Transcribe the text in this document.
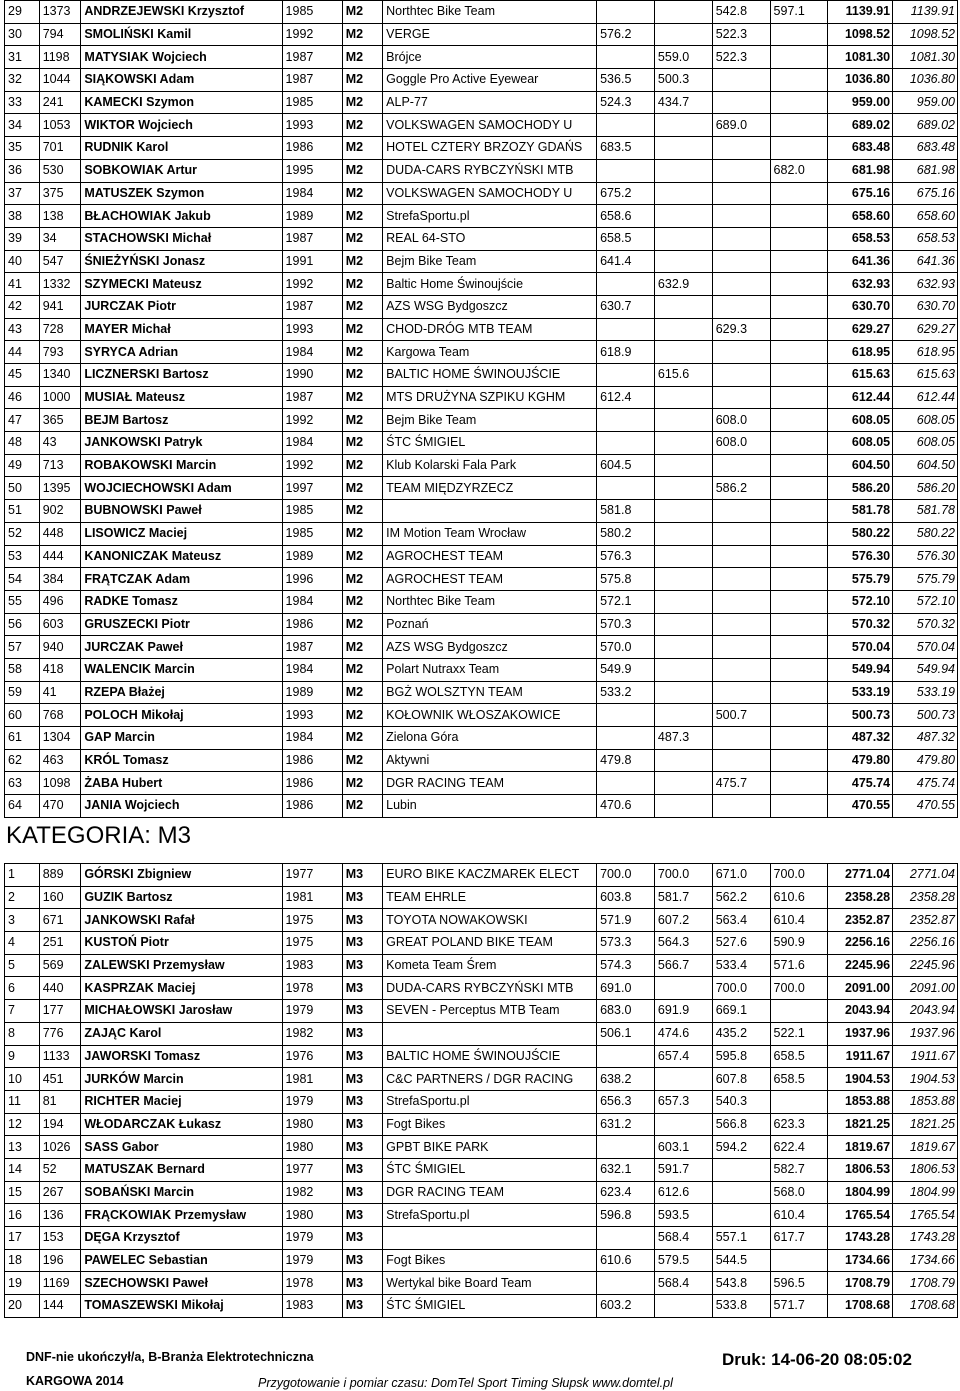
29	1373	ANDRZEJEWSKI Krzysztof	1985	M2	Northtec Bike Team			542.8	597.1	1139.91	1139.91
30	794	SMOLIŃSKI Kamil	1992	M2	VERGE	576.2		522.3		1098.52	1098.52
31	1198	MATYSIAK Wojciech	1987	M2	Brójce		559.0	522.3		1081.30	1081.30
32	1044	SIĄKOWSKI Adam	1987	M2	Goggle Pro Active Eyewear	536.5	500.3			1036.80	1036.80
33	241	KAMECKI Szymon	1985	M2	ALP-77	524.3	434.7			959.00	959.00
34	1053	WIKTOR Wojciech	1993	M2	VOLKSWAGEN SAMOCHODY U			689.0		689.02	689.02
35	701	RUDNIK Karol	1986	M2	HOTEL CZTERY BRZOZY GDAŃS	683.5				683.48	683.48
36	530	SOBKOWIAK Artur	1995	M2	DUDA-CARS RYBCZYŃSKI MTB				682.0	681.98	681.98
37	375	MATUSZEK Szymon	1984	M2	VOLKSWAGEN SAMOCHODY U	675.2				675.16	675.16
38	138	BŁACHOWIAK Jakub	1989	M2	StrefaSportu.pl	658.6				658.60	658.60
39	34	STACHOWSKI Michał	1987	M2	REAL 64-STO	658.5				658.53	658.53
40	547	ŚNIEŻYŃSKI Jonasz	1991	M2	Bejm Bike Team	641.4				641.36	641.36
41	1332	SZYMECKI Mateusz	1992	M2	Baltic Home Świnoujście		632.9			632.93	632.93
42	941	JURCZAK Piotr	1987	M2	AZS WSG Bydgoszcz	630.7				630.70	630.70
43	728	MAYER Michał	1993	M2	CHOD-DRÓG MTB TEAM			629.3		629.27	629.27
44	793	SYRYCA Adrian	1984	M2	Kargowa Team	618.9				618.95	618.95
45	1340	LICZNERSKI Bartosz	1990	M2	BALTIC HOME ŚWINOUJŚCIE		615.6			615.63	615.63
46	1000	MUSIAŁ Mateusz	1987	M2	MTS DRUŻYNA SZPIKU KGHM	612.4				612.44	612.44
47	365	BEJM Bartosz	1992	M2	Bejm Bike Team			608.0		608.05	608.05
48	43	JANKOWSKI Patryk	1984	M2	ŚTC ŚMIGIEL			608.0		608.05	608.05
49	713	ROBAKOWSKI Marcin	1992	M2	Klub Kolarski Fala Park	604.5				604.50	604.50
50	1395	WOJCIECHOWSKI Adam	1997	M2	TEAM MIĘDZYRZECZ			586.2		586.20	586.20
51	902	BUBNOWSKI Paweł	1985	M2		581.8				581.78	581.78
52	448	LISOWICZ Maciej	1985	M2	IM Motion Team Wrocław	580.2				580.22	580.22
53	444	KANONICZAK Mateusz	1989	M2	AGROCHEST TEAM	576.3				576.30	576.30
54	384	FRĄTCZAK Adam	1996	M2	AGROCHEST TEAM	575.8				575.79	575.79
55	496	RADKE Tomasz	1984	M2	Northtec Bike Team	572.1				572.10	572.10
56	603	GRUSZECKI Piotr	1986	M2	Poznań	570.3				570.32	570.32
57	940	JURCZAK Paweł	1987	M2	AZS WSG Bydgoszcz	570.0				570.04	570.04
58	418	WALENCIK Marcin	1984	M2	Polart Nutraxx Team	549.9				549.94	549.94
59	41	RZEPA Błażej	1989	M2	BGŻ WOLSZTYN TEAM	533.2				533.19	533.19
60	768	POLOCH Mikołaj	1993	M2	KOŁOWNIK WŁOSZAKOWICE			500.7		500.73	500.73
61	1304	GAP Marcin	1984	M2	Zielona Góra		487.3			487.32	487.32
62	463	KRÓL Tomasz	1986	M2	Aktywni	479.8				479.80	479.80
63	1098	ŻABA Hubert	1986	M2	DGR RACING TEAM			475.7		475.74	475.74
64	470	JANIA Wojciech	1986	M2	Lubin	470.6				470.55	470.55
KATEGORIA: M3
1	889	GÓRSKI Zbigniew	1977	M3	EURO BIKE KACZMAREK ELECT	700.0	700.0	671.0	700.0	2771.04	2771.04
2	160	GUZIK Bartosz	1981	M3	TEAM EHRLE	603.8	581.7	562.2	610.6	2358.28	2358.28
3	671	JANKOWSKI Rafał	1975	M3	TOYOTA NOWAKOWSKI	571.9	607.2	563.4	610.4	2352.87	2352.87
4	251	KUSTOŃ Piotr	1975	M3	GREAT POLAND BIKE TEAM	573.3	564.3	527.6	590.9	2256.16	2256.16
5	569	ZALEWSKI Przemysław	1983	M3	Kometa Team Śrem	574.3	566.7	533.4	571.6	2245.96	2245.96
6	440	KASPRZAK Maciej	1978	M3	DUDA-CARS RYBCZYŃSKI MTB	691.0		700.0	700.0	2091.00	2091.00
7	177	MICHAŁOWSKI Jarosław	1979	M3	SEVEN - Perceptus MTB Team	683.0	691.9	669.1		2043.94	2043.94
8	776	ZAJĄC Karol	1982	M3		506.1	474.6	435.2	522.1	1937.96	1937.96
9	1133	JAWORSKI Tomasz	1976	M3	BALTIC HOME ŚWINOUJŚCIE		657.4	595.8	658.5	1911.67	1911.67
10	451	JURKÓW Marcin	1981	M3	C&C PARTNERS / DGR RACING	638.2		607.8	658.5	1904.53	1904.53
11	81	RICHTER Maciej	1979	M3	StrefaSportu.pl	656.3	657.3	540.3		1853.88	1853.88
12	194	WŁODARCZAK Łukasz	1980	M3	Fogt Bikes	631.2		566.8	623.3	1821.25	1821.25
13	1026	SASS Gabor	1980	M3	GPBT BIKE PARK		603.1	594.2	622.4	1819.67	1819.67
14	52	MATUSZAK Bernard	1977	M3	ŚTC ŚMIGIEL	632.1	591.7		582.7	1806.53	1806.53
15	267	SOBAŃSKI Marcin	1982	M3	DGR RACING TEAM	623.4	612.6		568.0	1804.99	1804.99
16	136	FRĄCKOWIAK Przemysław	1980	M3	StrefaSportu.pl	596.8	593.5		610.4	1765.54	1765.54
17	153	DĘGA Krzysztof	1979	M3			568.4	557.1	617.7	1743.28	1743.28
18	196	PAWELEC Sebastian	1979	M3	Fogt Bikes	610.6	579.5	544.5		1734.66	1734.66
19	1169	SZECHOWSKI Paweł	1978	M3	Wertykal bike Board Team		568.4	543.8	596.5	1708.79	1708.79
20	144	TOMASZEWSKI Mikołaj	1983	M3	ŚTC ŚMIGIEL	603.2		533.8	571.7	1708.68	1708.68
DNF-nie ukończył/a, B-Branża Elektrotechniczna
KARGOWA 2014	Przygotowanie i pomiar czasu: DomTel Sport Timing Słupsk www.domtel.pl
Druk: 14-06-20 08:05:02
